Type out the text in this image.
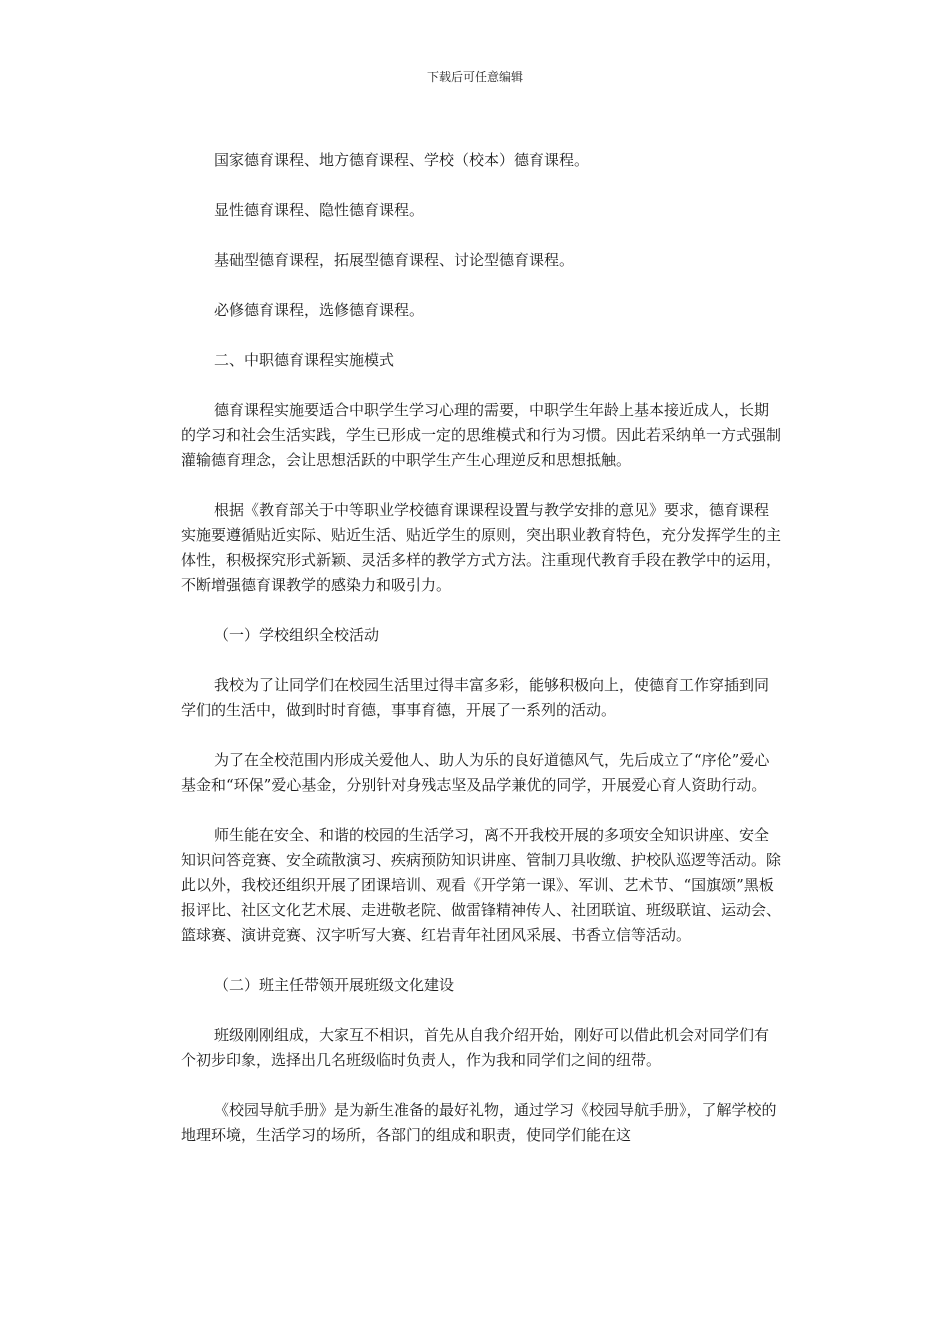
下载后可任意编辑

国家德育课程、地方德育课程、学校（校本）德育课程。

显性德育课程、隐性德育课程。

基础型德育课程，拓展型德育课程、讨论型德育课程。

必修德育课程，选修德育课程。

二、中职德育课程实施模式

德育课程实施要适合中职学生学习心理的需要，中职学生年龄上基本接近成人，长期的学习和社会生活实践，学生已形成一定的思维模式和行为习惯。因此若采纳单一方式强制灌输德育理念，会让思想活跃的中职学生产生心理逆反和思想抵触。

根据《教育部关于中等职业学校德育课课程设置与教学安排的意见》要求，德育课程实施要遵循贴近实际、贴近生活、贴近学生的原则，突出职业教育特色，充分发挥学生的主体性，积极探究形式新颖、灵活多样的教学方式方法。注重现代教育手段在教学中的运用，不断增强德育课教学的感染力和吸引力。

（一）学校组织全校活动

我校为了让同学们在校园生活里过得丰富多彩，能够积极向上，使德育工作穿插到同学们的生活中，做到时时育德，事事育德，开展了一系列的活动。

为了在全校范围内形成关爱他人、助人为乐的良好道德风气，先后成立了“序伦”爱心基金和“环保”爱心基金，分别针对身残志坚及品学兼优的同学，开展爱心育人资助行动。

师生能在安全、和谐的校园的生活学习，离不开我校开展的多项安全知识讲座、安全知识问答竞赛、安全疏散演习、疾病预防知识讲座、管制刀具收缴、护校队巡逻等活动。除此以外，我校还组织开展了团课培训、观看《开学第一课》、军训、艺术节、“国旗颂”黑板报评比、社区文化艺术展、走进敬老院、做雷锋精神传人、社团联谊、班级联谊、运动会、篮球赛、演讲竞赛、汉字听写大赛、红岩青年社团风采展、书香立信等活动。

（二）班主任带领开展班级文化建设

班级刚刚组成，大家互不相识，首先从自我介绍开始，刚好可以借此机会对同学们有个初步印象，选择出几名班级临时负责人，作为我和同学们之间的纽带。

《校园导航手册》是为新生准备的最好礼物，通过学习《校园导航手册》，了解学校的地理环境，生活学习的场所，各部门的组成和职责，使同学们能在这
